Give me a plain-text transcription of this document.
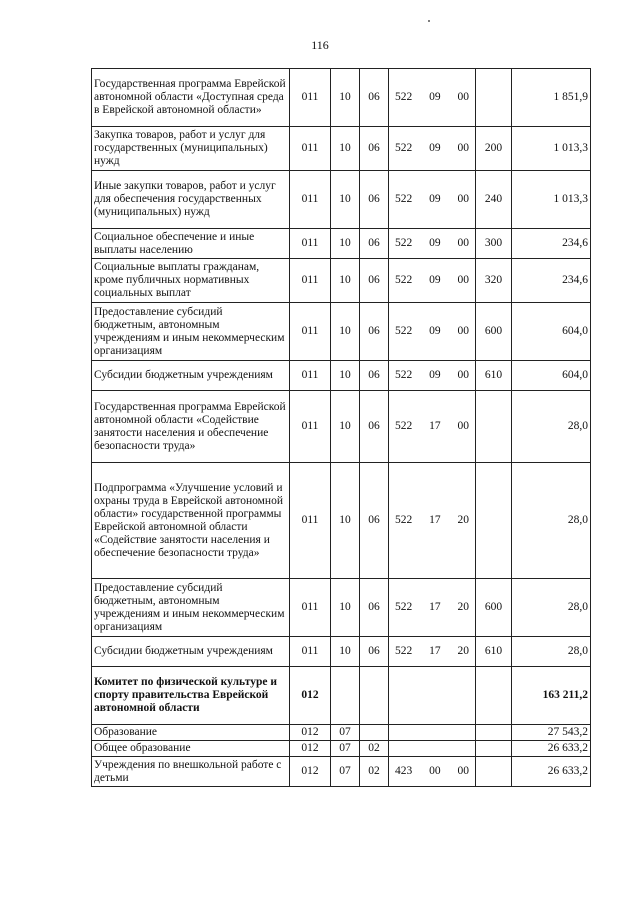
116
Государственная программа Еврейской автономной области «Доступная среда в Еврейской автономной области»	011	10	06	522 09 00		1 851,9
Закупка товаров, работ и услуг для государственных (муниципальных) нужд	011	10	06	522 09 00	200	1 013,3
Иные закупки товаров, работ и услуг для обеспечения государственных (муниципальных) нужд	011	10	06	522 09 00	240	1 013,3
Социальное обеспечение и иные выплаты населению	011	10	06	522 09 00	300	234,6
Социальные выплаты гражданам, кроме публичных нормативных социальных выплат	011	10	06	522 09 00	320	234,6
Предоставление субсидий бюджетным, автономным учреждениям и иным некоммерческим организациям	011	10	06	522 09 00	600	604,0
Субсидии бюджетным учреждениям	011	10	06	522 09 00	610	604,0
Государственная программа Еврейской автономной области «Содействие занятости населения и обеспечение безопасности труда»	011	10	06	522 17 00		28,0
Подпрограмма «Улучшение условий и охраны труда в Еврейской автономной области» государственной программы Еврейской автономной области «Содействие занятости населения и обеспечение безопасности труда»	011	10	06	522 17 20		28,0
Предоставление субсидий бюджетным, автономным учреждениям и иным некоммерческим организациям	011	10	06	522 17 20	600	28,0
Субсидии бюджетным учреждениям	011	10	06	522 17 20	610	28,0
Комитет по физической культуре и спорту правительства Еврейской автономной области	012					163 211,2
Образование	012	07				27 543,2
Общее образование	012	07	02			26 633,2
Учреждения по внешкольной работе с детьми	012	07	02	423 00 00		26 633,2
